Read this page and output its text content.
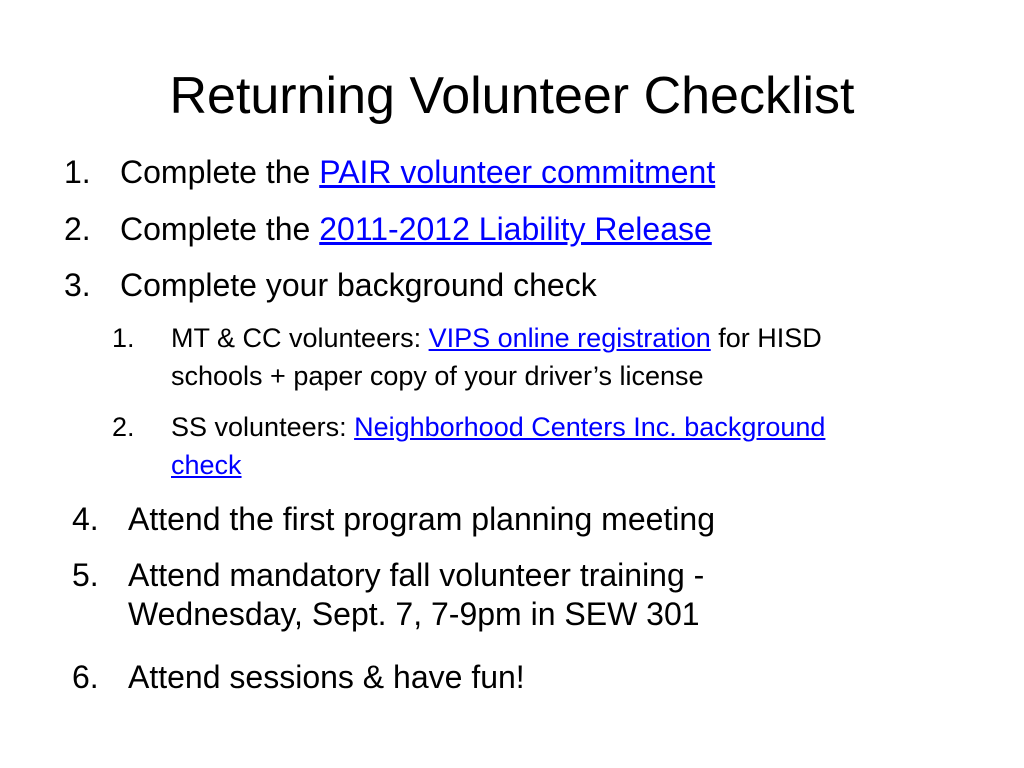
Returning Volunteer Checklist
1. Complete the PAIR volunteer commitment
2. Complete the 2011-2012 Liability Release
3. Complete your background check
1. MT & CC volunteers: VIPS online registration for HISD
schools + paper copy of your driver’s license
2. SS volunteers: Neighborhood Centers Inc. background
check
4. Attend the first program planning meeting
5. Attend mandatory fall volunteer training -
Wednesday, Sept. 7, 7-9pm in SEW 301
6. Attend sessions & have fun!
